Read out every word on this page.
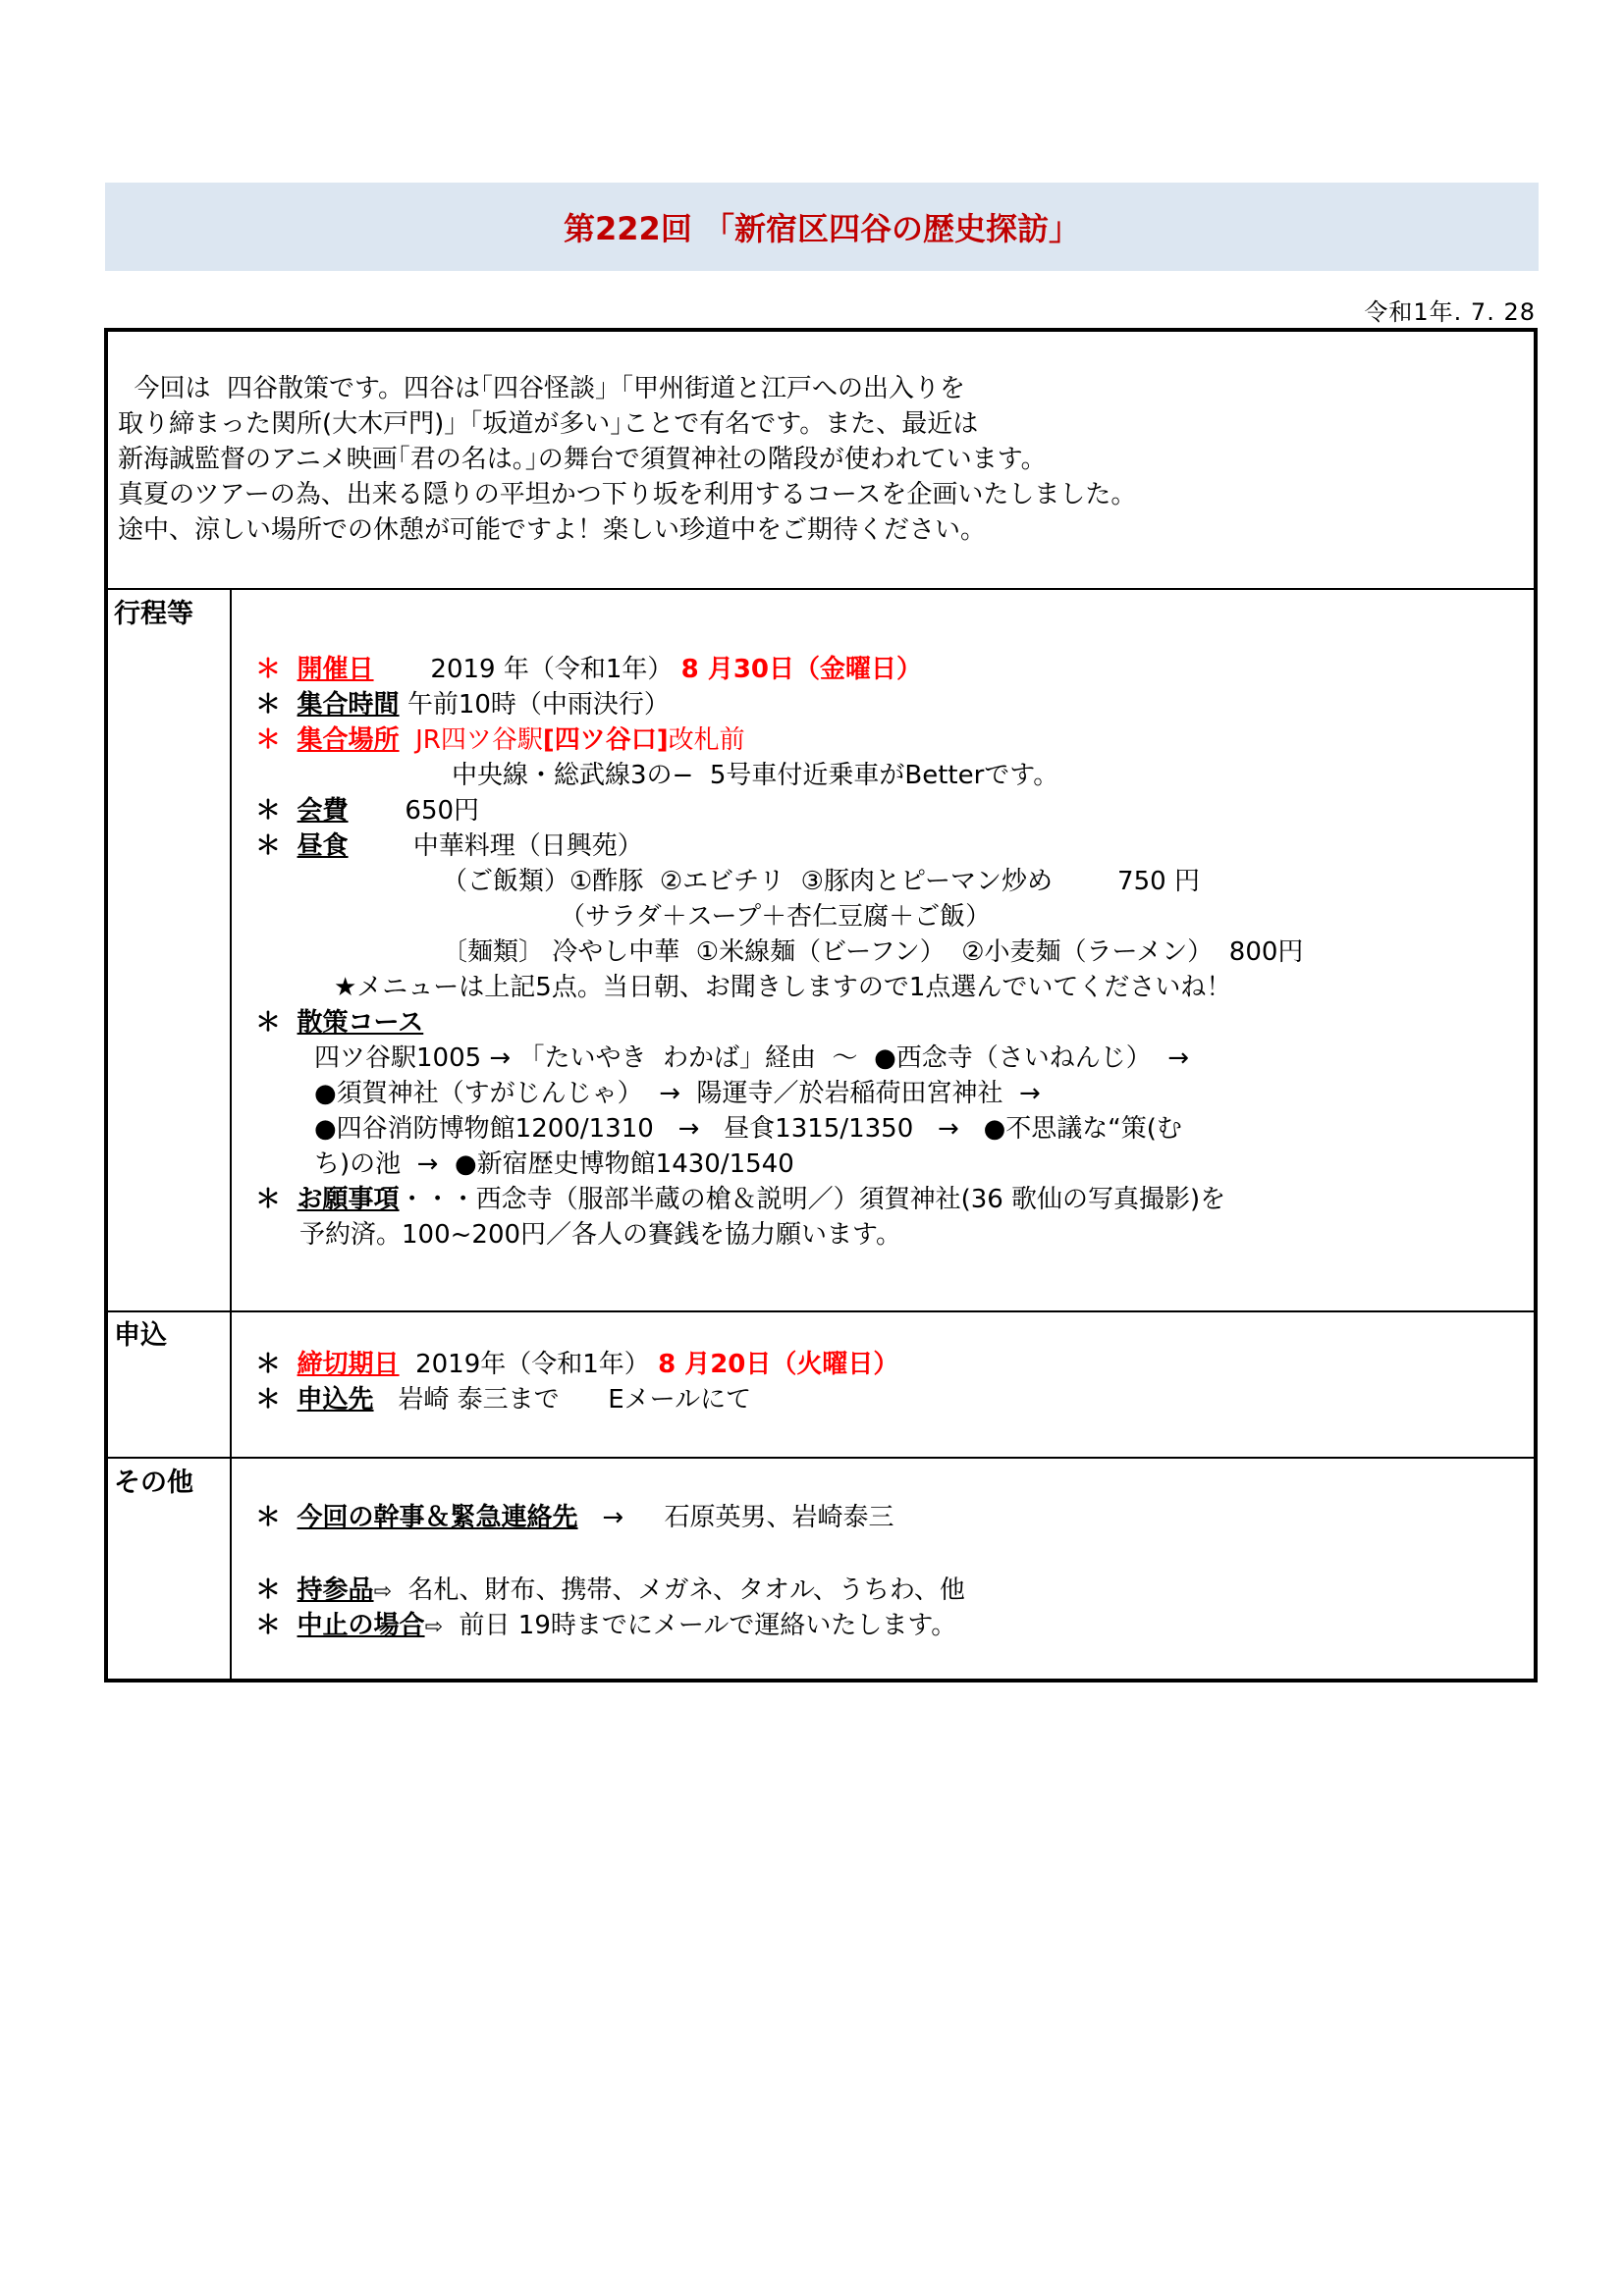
第222回 「新宿区四谷の歴史探訪」
令和1年. 7. 28
今回は  四谷散策です。四谷は｢四谷怪談」「甲州街道と江戸への出入りを
取り締まった関所(大木戸門)」「坂道が多い｣ことで有名です。また、最近は
新海誠監督のアニメ映画｢君の名は。｣の舞台で須賀神社の階段が使われています。
真夏のツアーの為、出来る隠りの平坦かつ下り坂を利用するコースを企画いたしました。
途中、涼しい場所での休憩が可能ですよ！楽しい珍道中をご期待ください。
行程等
＊ 開催日 2019 年（令和1年） 8 月30日（金曜日）
＊ 集合時間 午前10時（中雨決行）
＊ 集合場所 JR四ツ谷駅[四ツ谷口]改札前
中央線・総武線3の−  5号車付近乗車がBetterです。
＊ 会費 650円
＊ 昼食	中華料理（日興苑）
（ご飯類）①酢豚  ②エビチリ  ③豚肉とピーマン炒め        750 円
（サラダ＋スープ＋杏仁豆腐＋ご飯）
〔麺類〕 冷やし中華  ①米線麺（ビーフン）  ②小麦麺（ラーメン）  800円
★メニューは上記5点。当日朝、お聞きしますので1点選んでいてくださいね！
＊ 散策コース
四ツ谷駅1005 → 「たいやき  わかば」経由  〜  ●西念寺（さいねんじ）  →
●須賀神社（すがじんじゃ）  →  陽運寺／於岩稲荷田宮神社  →
●四谷消防博物館1200/1310   →   昼食1315/1350   →   ●不思議な“策(む
ち)の池  →  ●新宿歴史博物館1430/1540
＊ お願事項・・・西念寺（服部半蔵の槍＆説明／）須賀神社(36 歌仙の写真撮影)を
予約済。100~200円／各人の賽銭を協力願います。
申込
＊ 締切期日 2019年（令和1年） 8 月20日（火曜日）
＊ 申込先 岩崎 泰三まで      Eメールにて
その他
＊ 今回の幹事＆緊急連絡先 →     石原英男、岩崎泰三
＊ 持参品⇨ 名札、財布、携帯、メガネ、タオル、うちわ、他
＊ 中止の場合⇨ 前日 19時までにメールで運絡いたします。
